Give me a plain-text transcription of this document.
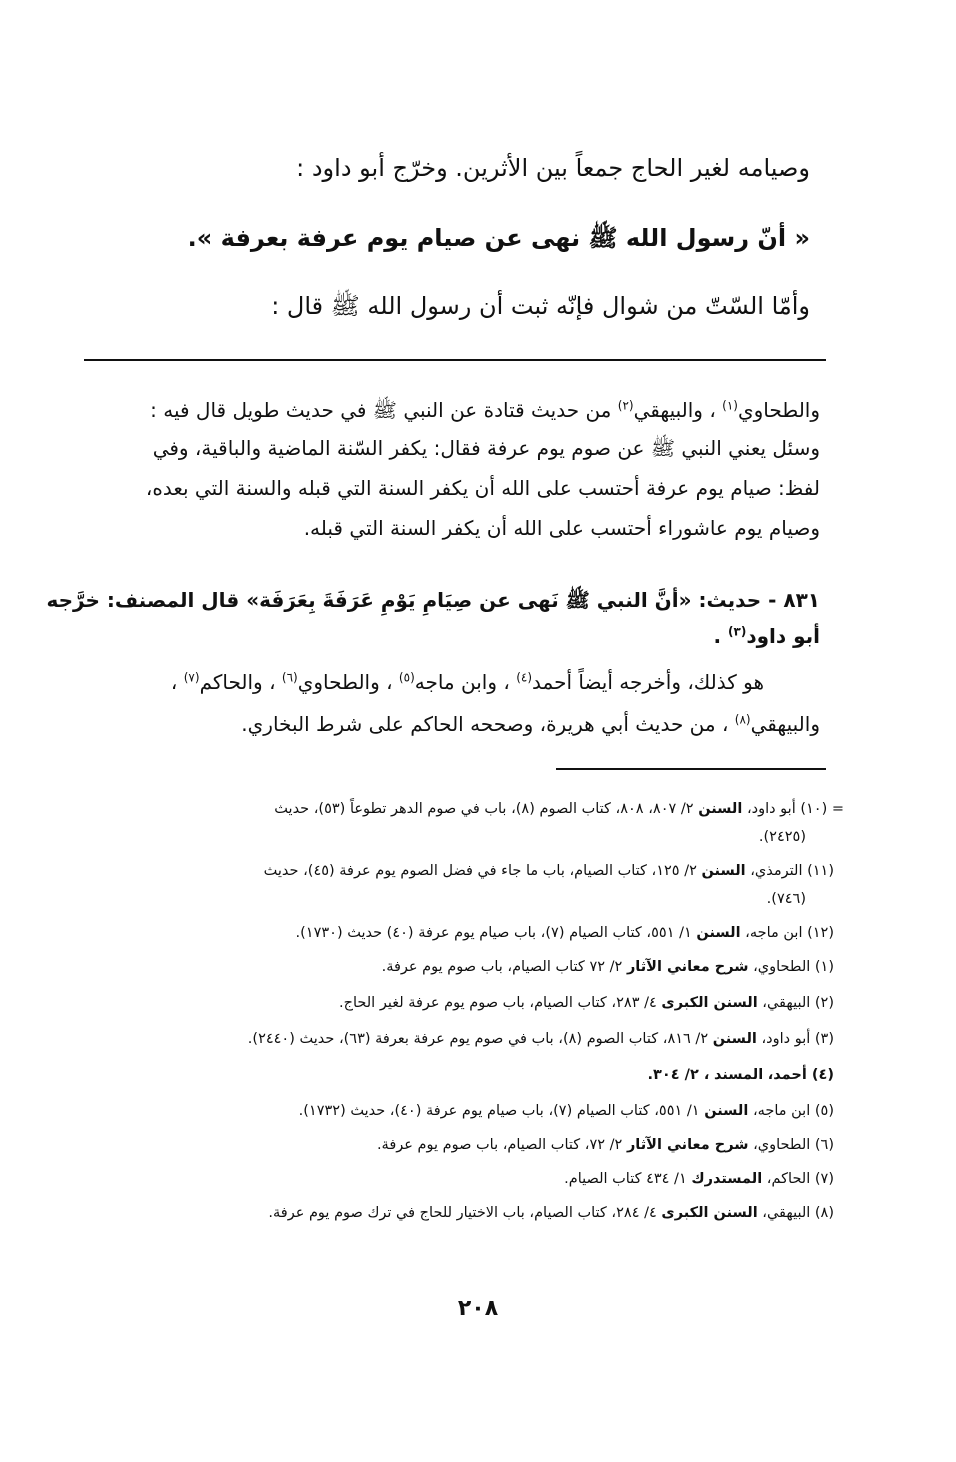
وصيامه لغير الحاج جمعاً بين الأثرين. وخرّج أبو داود :
« أنّ رسول الله ﷺ نهى عن صيام يوم عرفة بعرفة ».
وأمّا السّتّ من شوال فإنّه ثبت أن رسول الله ﷺ قال :
والطحاوي$^{(١)}$ ، والبيهقي$^{(٢)}$ من حديث قتادة عن النبي ﷺ في حديث طويل قال فيه :
وسئل يعني النبي ﷺ عن صوم يوم عرفة فقال: يكفر السّنة الماضية والباقية، وفي
لفظ: صيام يوم عرفة أحتسب على الله أن يكفر السنة التي قبله والسنة التي بعده،
وصيام يوم عاشوراء أحتسب على الله أن يكفر السنة التي قبله.
٨٣١ - حديث: «أنَّ النبي ﷺ نَهى عن صِيَامِ يَوْمِ عَرَفَةَ بِعَرَفَة» قال المصنف: خرَّجه
أبو داود$^{(٣)}$ .
هو كذلك، وأخرجه أيضاً أحمد$^{(٤)}$ ، وابن ماجه$^{(٥)}$ ، والطحاوي$^{(٦)}$ ، والحاكم$^{(٧)}$ ،
والبيهقي$^{(٨)}$ ، من حديث أبي هريرة، وصححه الحاكم على شرط البخاري.
= (١٠) أبو داود، السنن ٢/ ٨٠٧، ٨٠٨، كتاب الصوم (٨)، باب في صوم الدهر تطوعاً (٥٣)، حديث
(٢٤٢٥).
(١١) الترمذي، السنن ٢/ ١٢٥، كتاب الصيام، باب ما جاء في فضل الصوم يوم عرفة (٤٥)، حديث
(٧٤٦).
(١٢) ابن ماجه، السنن ١/ ٥٥١، كتاب الصيام (٧)، باب صيام يوم عرفة (٤٠) حديث (١٧٣٠).
(١) الطحاوي، شرح معاني الآثار ٢/ ٧٢ كتاب الصيام، باب صوم يوم عرفة.
(٢) البيهقي، السنن الكبرى ٤/ ٢٨٣، كتاب الصيام، باب صوم يوم عرفة لغير الحاج.
(٣) أبو داود، السنن ٢/ ٨١٦، كتاب الصوم (٨)، باب في صوم يوم عرفة بعرفة (٦٣)، حديث (٢٤٤٠).
(٤) أحمد، المسند ، ٢/ ٣٠٤.
(٥) ابن ماجه، السنن ١/ ٥٥١، كتاب الصيام (٧)، باب صيام يوم عرفة (٤٠)، حديث (١٧٣٢).
(٦) الطحاوي، شرح معاني الآثار ٢/ ٧٢، كتاب الصيام، باب صوم يوم عرفة.
(٧) الحاكم، المستدرك ١/ ٤٣٤ كتاب الصيام.
(٨) البيهقي، السنن الكبرى ٤/ ٢٨٤، كتاب الصيام، باب الاختيار للحاج في ترك صوم يوم عرفة.
٢٠٨
